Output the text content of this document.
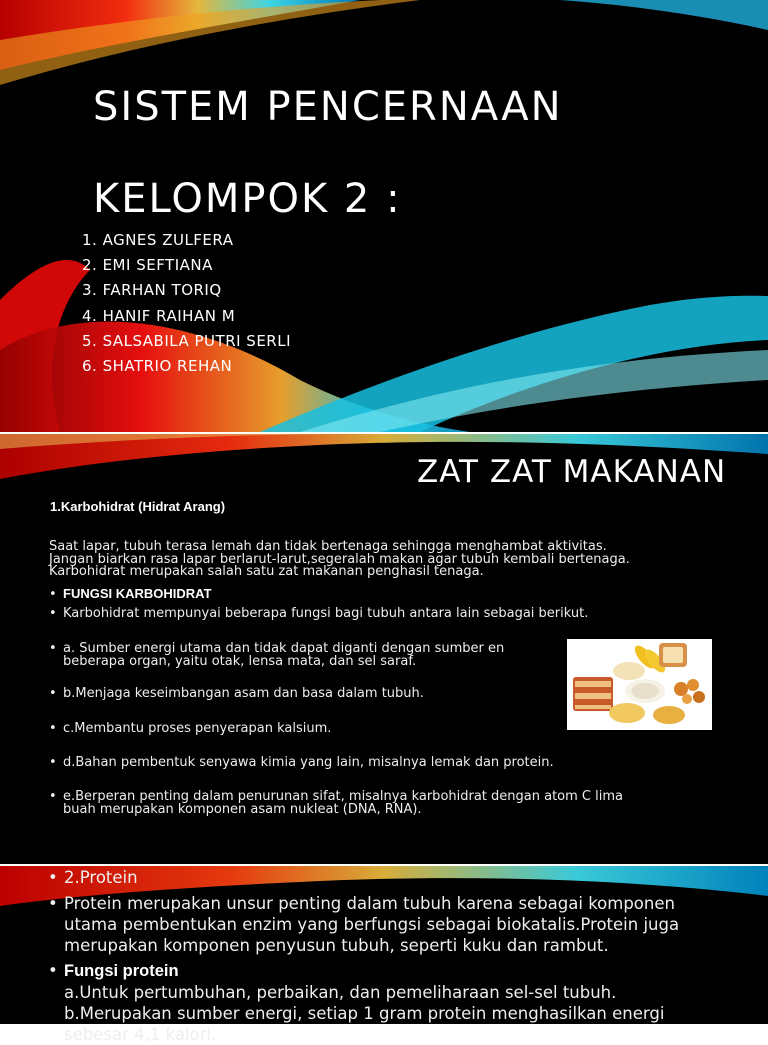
SISTEM PENCERNAAN
KELOMPOK 2 :
1. AGNES ZULFERA
2. EMI SEFTIANA
3. FARHAN TORIQ
4. HANIF RAIHAN M
5. SALSABILA PUTRI SERLI
6. SHATRIO REHAN
ZAT ZAT MAKANAN
1.Karbohidrat (Hidrat Arang)
Saat lapar, tubuh terasa lemah dan tidak bertenaga sehingga menghambat aktivitas.
Jangan biarkan rasa lapar berlarut-larut,segeralah makan agar tubuh kembali bertenaga.
Karbohidrat merupakan salah satu zat makanan penghasil tenaga.
• FUNGSI KARBOHIDRAT
• Karbohidrat mempunyai beberapa fungsi bagi tubuh antara lain sebagai berikut.
• a. Sumber energi utama dan tidak dapat diganti dengan sumber en
beberapa organ, yaitu otak, lensa mata, dan sel saraf.
• b.Menjaga keseimbangan asam dan basa dalam tubuh.
• c.Membantu proses penyerapan kalsium.
• d.Bahan pembentuk senyawa kimia yang lain, misalnya lemak dan protein.
• e.Berperan penting dalam penurunan sifat, misalnya karbohidrat dengan atom C lima
buah merupakan komponen asam nukleat (DNA, RNA).
• 2.Protein
• Protein merupakan unsur penting dalam tubuh karena sebagai komponen
utama pembentukan enzim yang berfungsi sebagai biokatalis.Protein juga
merupakan komponen penyusun tubuh, seperti kuku dan rambut.
• Fungsi protein
a.Untuk pertumbuhan, perbaikan, dan pemeliharaan sel-sel tubuh.
b.Merupakan sumber energi, setiap 1 gram protein menghasilkan energi
sebesar 4,1 kalori.
